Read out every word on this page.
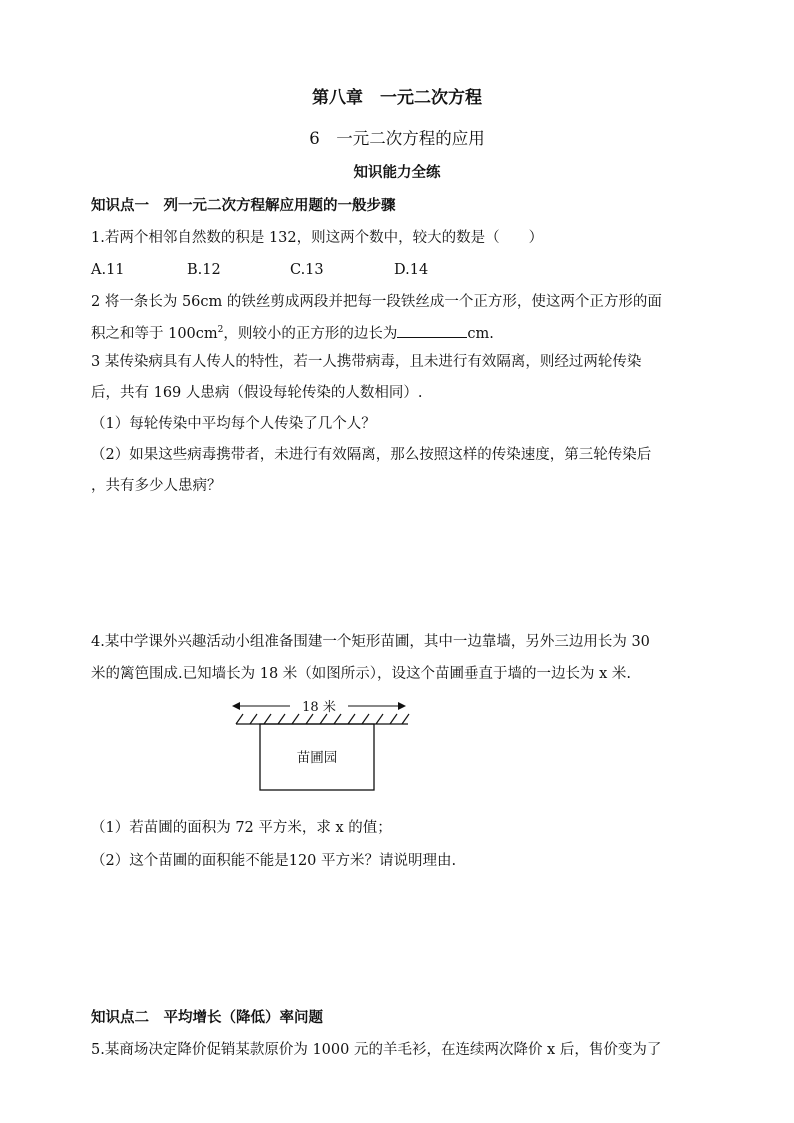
第八章　一元二次方程
6　一元二次方程的应用
知识能力全练
知识点一　列一元二次方程解应用题的一般步骤
1.若两个相邻自然数的积是 132，则这两个数中，较大的数是（　　）
A.11	B.12	C.13	D.14
2 将一条长为 56cm 的铁丝剪成两段并把每一段铁丝成一个正方形，使这两个正方形的面
积之和等于 $100cm^2$，则较小的正方形的边长为	cm.
3 某传染病具有人传人的特性，若一人携带病毒，且未进行有效隔离，则经过两轮传染
后，共有 169 人患病（假设每轮传染的人数相同）.
（1）每轮传染中平均每个人传染了几个人？
（2）如果这些病毒携带者，未进行有效隔离，那么按照这样的传染速度，第三轮传染后
，共有多少人患病？
4.某中学课外兴趣活动小组准备围建一个矩形苗圃，其中一边靠墙，另外三边用长为 30
米的篱笆围成.已知墙长为 18 米（如图所示），设这个苗圃垂直于墙的一边长为 x 米.
18 米
苗圃园
（1）若苗圃的面积为 72 平方米，求 x 的值；
（2）这个苗圃的面积能不能是120 平方米？请说明理由.
知识点二　平均增长（降低）率问题
5.某商场决定降价促销某款原价为 1000 元的羊毛衫，在连续两次降价 x 后，售价变为了
